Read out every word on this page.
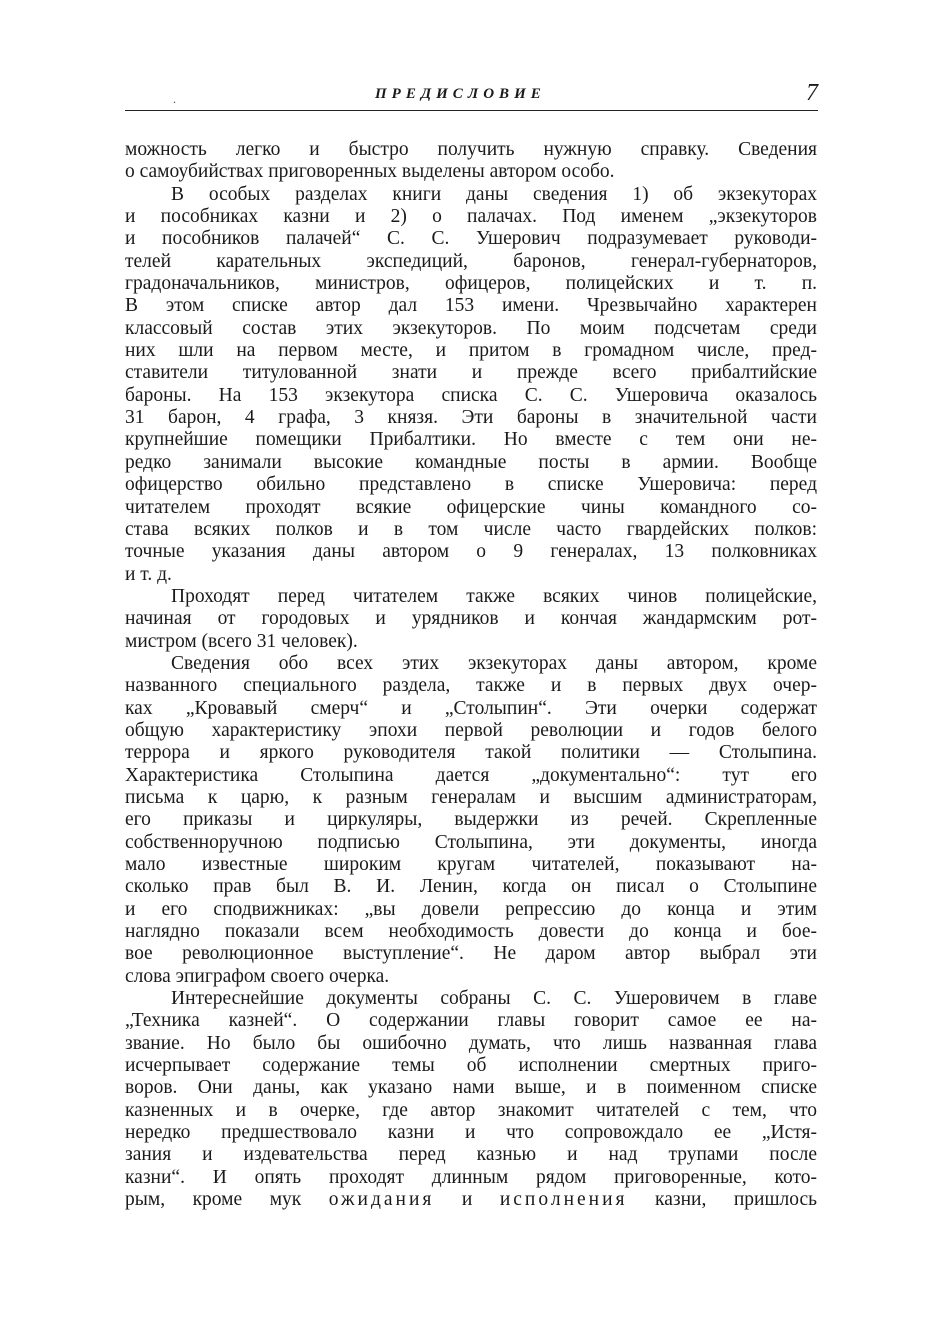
.	ПРЕДИСЛОВИЕ	7
можность легко и быстро получить нужную справку. Сведения
о самоубийствах приговоренных выделены автором особо.
В особых разделах книги даны сведения 1) об экзекуторах
и пособниках казни и 2) о палачах. Под именем „экзекуторов
и пособников палачей“ С. С. Ушерович подразумевает руководи-
телей карательных экспедиций, баронов, генерал-губернаторов,
градоначальников, министров, офицеров, полицейских и т. п.
В этом списке автор дал 153 имени. Чрезвычайно характерен
классовый состав этих экзекуторов. По моим подсчетам среди
них шли на первом месте, и притом в громадном числе, пред-
ставители титулованной знати и прежде всего прибалтийские
бароны. На 153 экзекутора списка С. С. Ушеровича оказалось
31 барон, 4 графа, 3 князя. Эти бароны в значительной части
крупнейшие помещики Прибалтики. Но вместе с тем они не-
редко занимали высокие командные посты в армии. Вообще
офицерство обильно представлено в списке Ушеровича: перед
читателем проходят всякие офицерские чины командного со-
става всяких полков и в том числе часто гвардейских полков:
точные указания даны автором о 9 генералах, 13 полковниках
и т. д.
Проходят перед читателем также всяких чинов полицейские,
начиная от городовых и урядников и кончая жандармским рот-
мистром (всего 31 человек).
Сведения обо всех этих экзекуторах даны автором, кроме
названного специального раздела, также и в первых двух очер-
ках „Кровавый смерч“ и „Столыпин“. Эти очерки содержат
общую характеристику эпохи первой революции и годов белого
террора и яркого руководителя такой политики — Столыпина.
Характеристика Столыпина дается „документально“: тут его
письма к царю, к разным генералам и высшим администраторам,
его приказы и циркуляры, выдержки из речей. Скрепленные
собственноручною подписью Столыпина, эти документы, иногда
мало известные широким кругам читателей, показывают на-
сколько прав был В. И. Ленин, когда он писал о Столыпине
и его сподвижниках: „вы довели репрессию до конца и этим
наглядно показали всем необходимость довести до конца и бое-
вое революционное выступление“. Не даром автор выбрал эти
слова эпиграфом своего очерка.
Интереснейшие документы собраны С. С. Ушеровичем в главе
„Техника казней“. О содержании главы говорит самое ее на-
звание. Но было бы ошибочно думать, что лишь названная глава
исчерпывает содержание темы об исполнении смертных приго-
воров. Они даны, как указано нами выше, и в поименном списке
казненных и в очерке, где автор знакомит читателей с тем, что
нередко предшествовало казни и что сопровождало ее „Истя-
зания и издевательства перед казнью и над трупами после
казни“. И опять проходят длинным рядом приговоренные, кото-
рым, кроме мук ожидания и исполнения казни, пришлось
